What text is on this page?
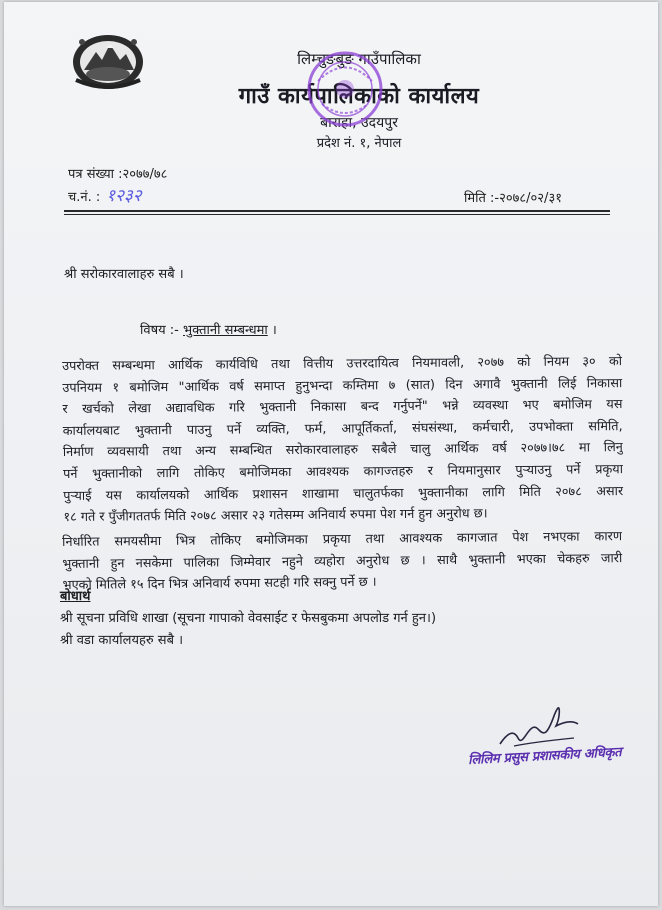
लिम्चुङबुङ गाउँपालिका
गाउँ कार्यपालिकाको कार्यालय
बाराहा, उदयपुर
प्रदेश नं. १, नेपाल
पत्र संख्या :२०७७/७८
च.नं. : १२३२	मिति :-२०७८/०२/३१
श्री सरोकारवालाहरु सबै ।
विषय :- भुक्तानी सम्बन्धमा ।

उपरोक्त सम्बन्धमा आर्थिक कार्यविधि तथा वित्तीय उत्तरदायित्व नियमावली, २०७७ को नियम ३० को

उपनियम १ बमोजिम "आर्थिक वर्ष समाप्त हुनुभन्दा कम्तिमा ७ (सात) दिन अगावै भुक्तानी लिई निकासा

र खर्चको लेखा अद्यावधिक गरि भुक्तानी निकासा बन्द गर्नुपर्ने" भन्ने व्यवस्था भए बमोजिम यस

कार्यालयबाट भुक्तानी पाउनु पर्ने व्यक्ति, फर्म, आपूर्तिकर्ता, संघसंस्था, कर्मचारी, उपभोक्ता समिति,

निर्माण व्यवसायी तथा अन्य सम्बन्धित सरोकारवालाहरु सबैले चालु आर्थिक वर्ष २०७७।७८ मा लिनु

पर्ने भुक्तानीको लागि तोकिए बमोजिमका आवश्यक कागज्तहरु र नियमानुसार पुऱ्याउनु पर्ने प्रकृया

पुऱ्याई यस कार्यालयको आर्थिक प्रशासन शाखामा चालुतर्फका भुक्तानीका लागि मिति २०७८ असार

१८ गते र पुँजीगततर्फ मिति २०७८ असार २३ गतेसम्म अनिवार्य रुपमा पेश गर्न हुन अनुरोध छ।

निर्धारित समयसीमा भित्र तोकिए बमोजिमका प्रकृया तथा आवश्यक कागजात पेश नभएका कारण

भुक्तानी हुन नसकेमा पालिका जिम्मेवार नहुने व्यहोरा अनुरोध छ । साथै भुक्तानी भएका चेकहरु जारी

भएको मितिले १५ दिन भित्र अनिवार्य रुपमा सटही गरि सक्नु पर्ने छ ।

बोधार्थ
श्री सूचना प्रविधि शाखा (सूचना गापाको वेवसाईट र फेसबुकमा अपलोड गर्न हुन।)
श्री वडा कार्यालयहरु सबै ।
लिलिम प्रसुस प्रशासकीय अधिकृत
